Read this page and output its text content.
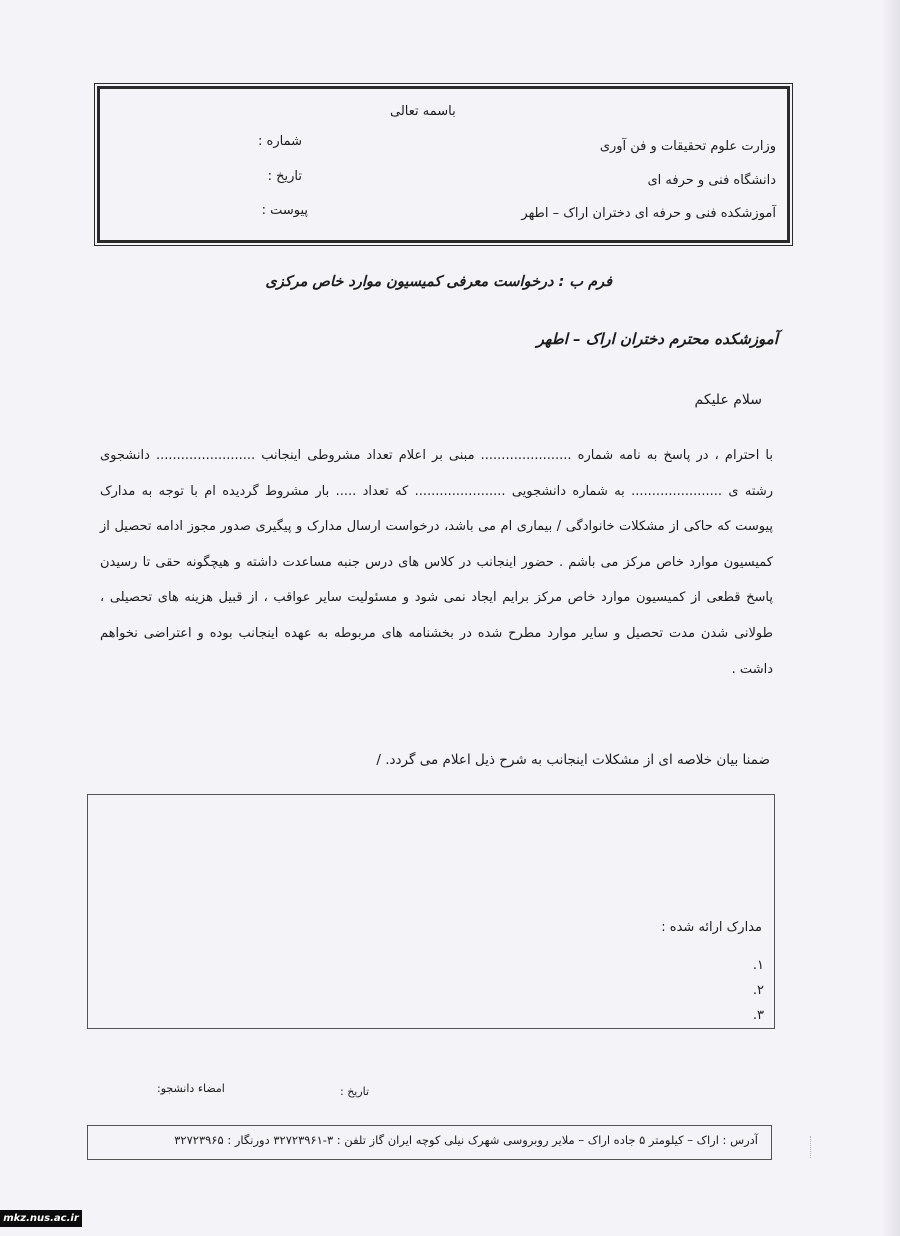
باسمه تعالی
وزارت علوم تحقیقات و فن آوری
دانشگاه فنی و حرفه ای
آموزشکده فنی و حرفه ای دختران اراک – اطهر
شماره :
تاریخ :
پیوست :
فرم ب : درخواست معرفی کمیسیون موارد خاص مرکزی
آموزشکده محترم دختران اراک – اطهر
سلام علیکم

با احترام ، در پاسخ به نامه شماره ...................... مبنی بر اعلام تعداد مشروطی اینجانب ........................ دانشجوی رشته ی ...................... به شماره دانشجویی ...................... که تعداد ..... بار مشروط گردیده ام با توجه به مدارک پیوست که حاکی از مشکلات خانوادگی / بیماری ام می باشد، درخواست ارسال مدارک و پیگیری صدور مجوز ادامه تحصیل از کمیسیون موارد خاص مرکز می باشم . حضور اینجانب در کلاس های درس جنبه مساعدت داشته و هیچگونه حقی تا رسیدن پاسخ قطعی از کمیسیون موارد خاص مرکز برایم ایجاد نمی شود و مسئولیت سایر عواقب ، از قبیل هزینه های تحصیلی ، طولانی شدن مدت تحصیل و سایر موارد مطرح شده در بخشنامه های مربوطه به عهده اینجانب بوده و اعتراضی نخواهم داشت .

ضمنا بیان خلاصه ای از مشکلات اینجانب به شرح ذیل اعلام می گردد. /
مدارک ارائه شده :
۱.
۲.
۳.
امضاء دانشجو:	تاریخ :
آدرس : اراک – کیلومتر ۵ جاده اراک – ملایر روبروسی شهرک نیلی کوچه ایران گاز تلفن : ۳-۳۲۷۲۳۹۶۱ دورنگار : ۳۲۷۲۳۹۶۵
mkz.nus.ac.ir
